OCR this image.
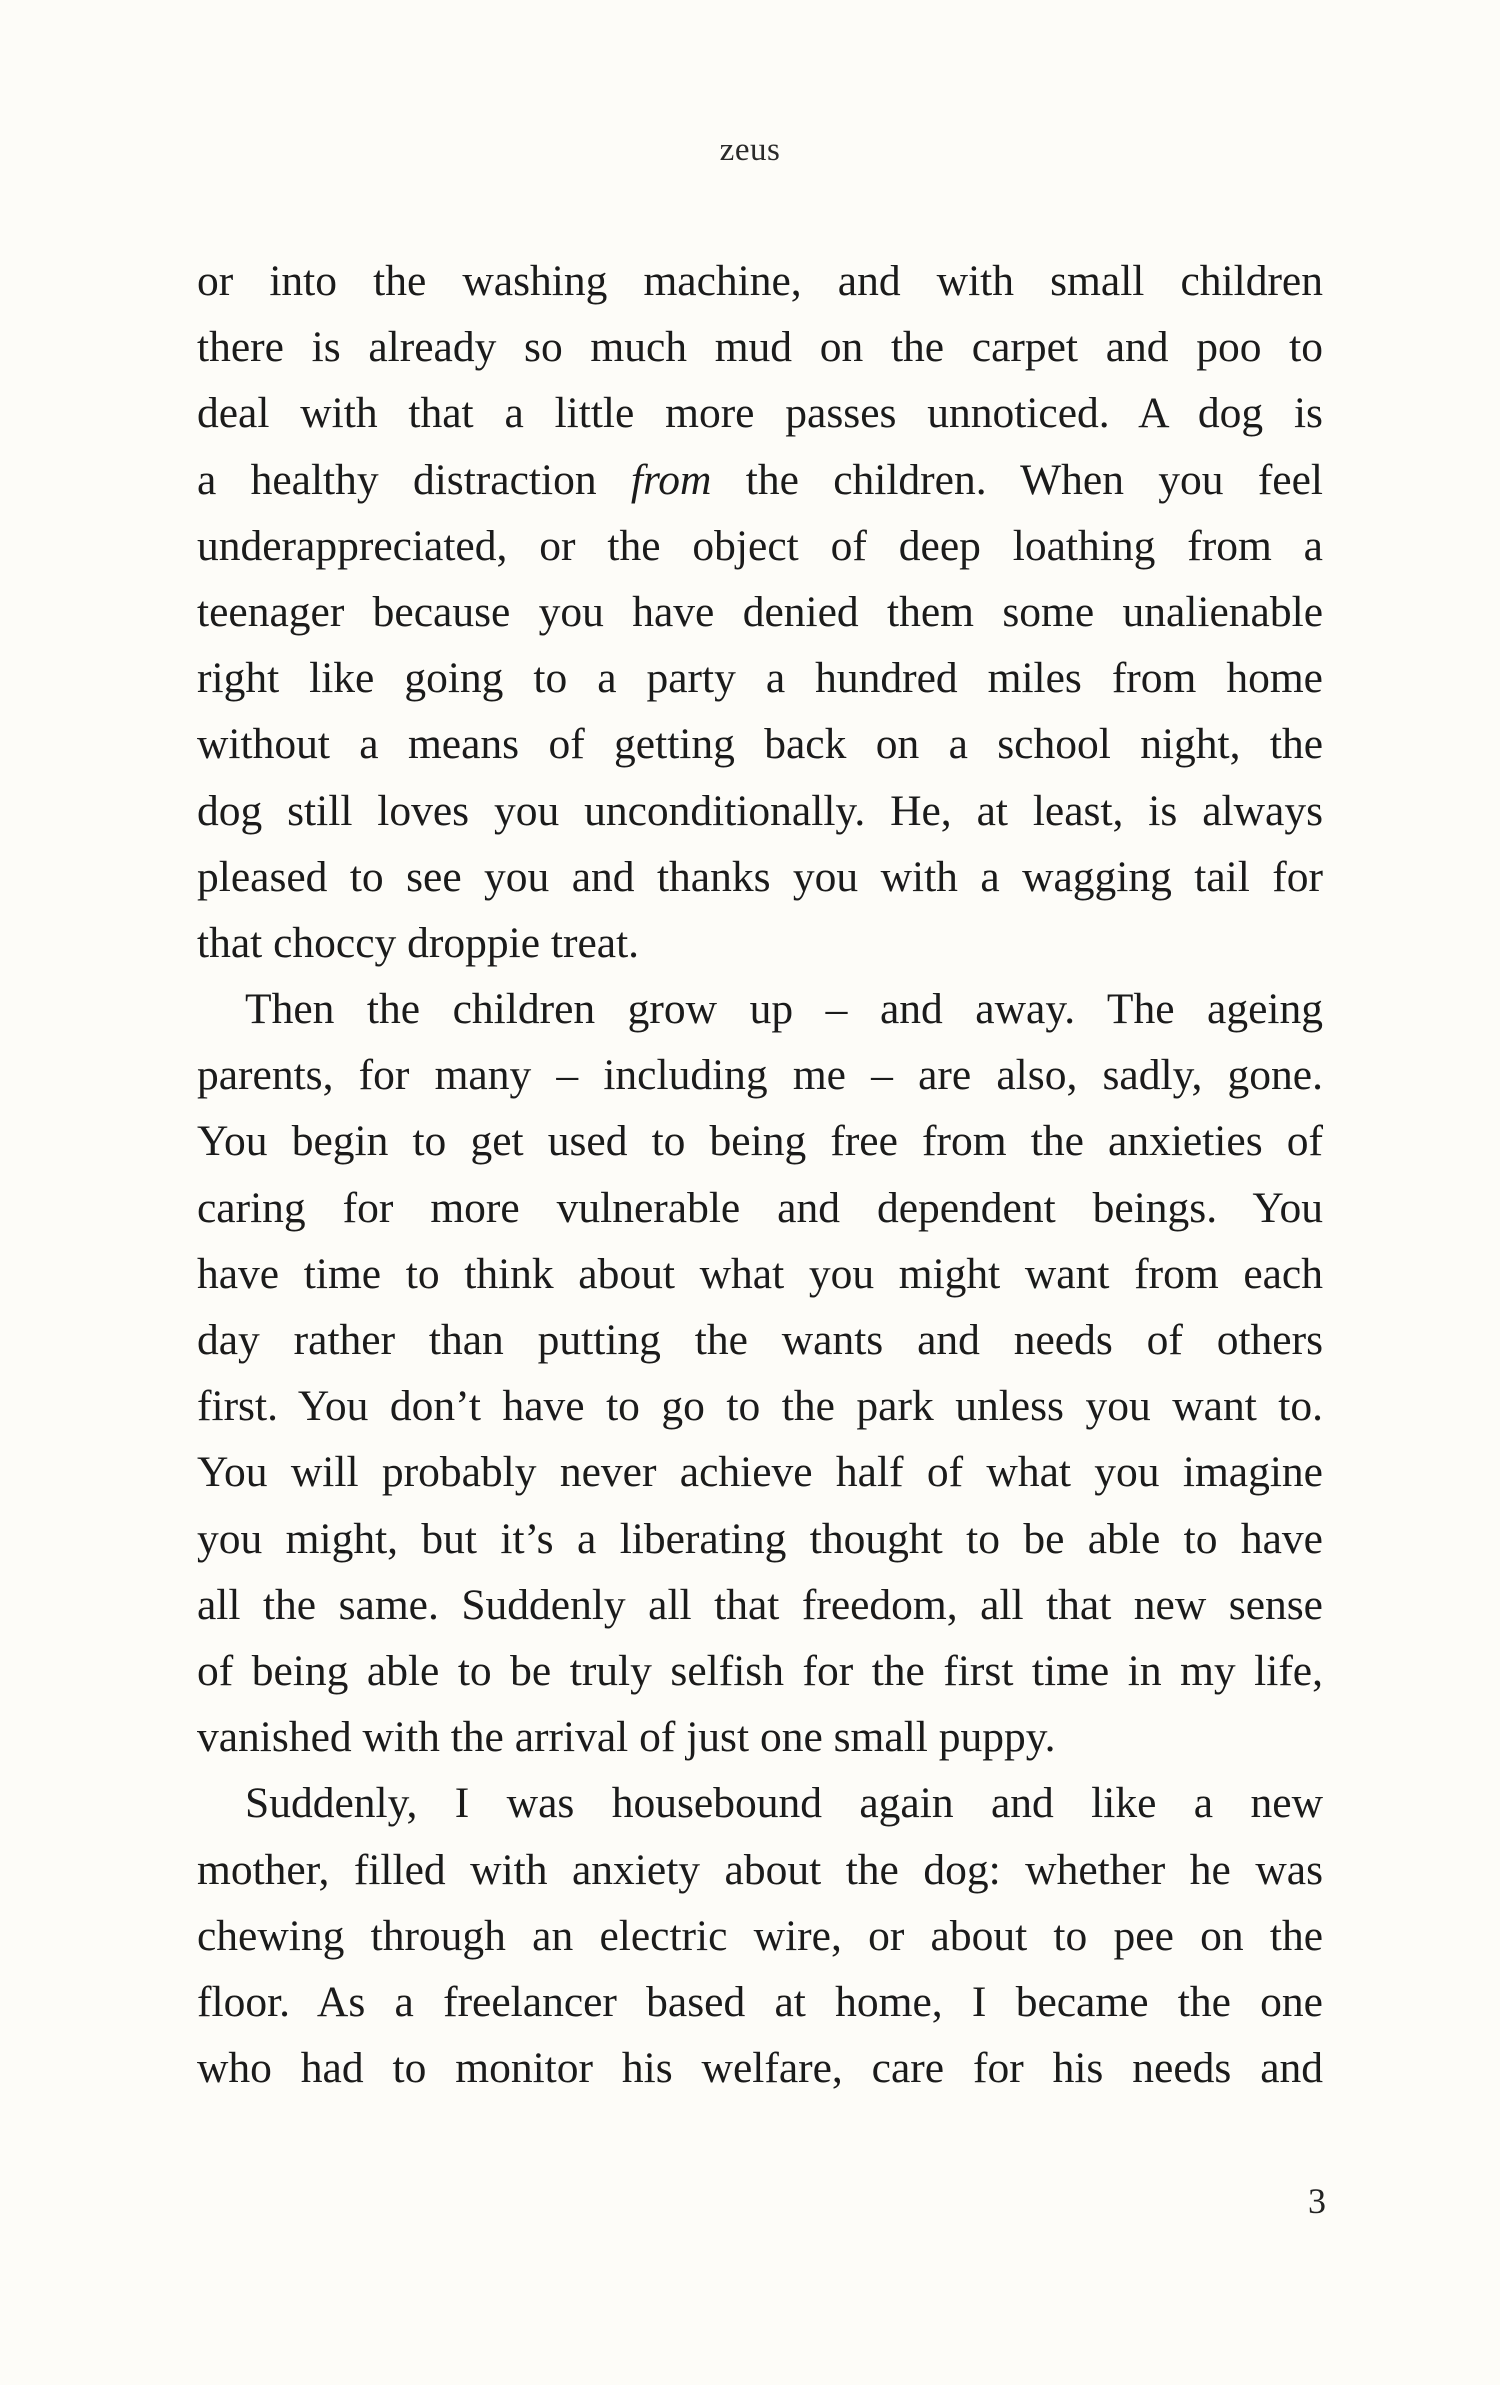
zeus
or into the washing machine, and with small children
there is already so much mud on the carpet and poo to
deal with that a little more passes unnoticed. A dog is
a healthy distraction from the children. When you feel
underappreciated, or the object of deep loathing from a
teenager because you have denied them some unalienable
right like going to a party a hundred miles from home
without a means of getting back on a school night, the
dog still loves you unconditionally. He, at least, is always
pleased to see you and thanks you with a wagging tail for
that choccy droppie treat.
Then the children grow up – and away. The ageing
parents, for many – including me – are also, sadly, gone.
You begin to get used to being free from the anxieties of
caring for more vulnerable and dependent beings. You
have time to think about what you might want from each
day rather than putting the wants and needs of others
first. You don’t have to go to the park unless you want to.
You will probably never achieve half of what you imagine
you might, but it’s a liberating thought to be able to have
all the same. Suddenly all that freedom, all that new sense
of being able to be truly selfish for the first time in my life,
vanished with the arrival of just one small puppy.
Suddenly, I was housebound again and like a new
mother, filled with anxiety about the dog: whether he was
chewing through an electric wire, or about to pee on the
floor. As a freelancer based at home, I became the one
who had to monitor his welfare, care for his needs and
3
